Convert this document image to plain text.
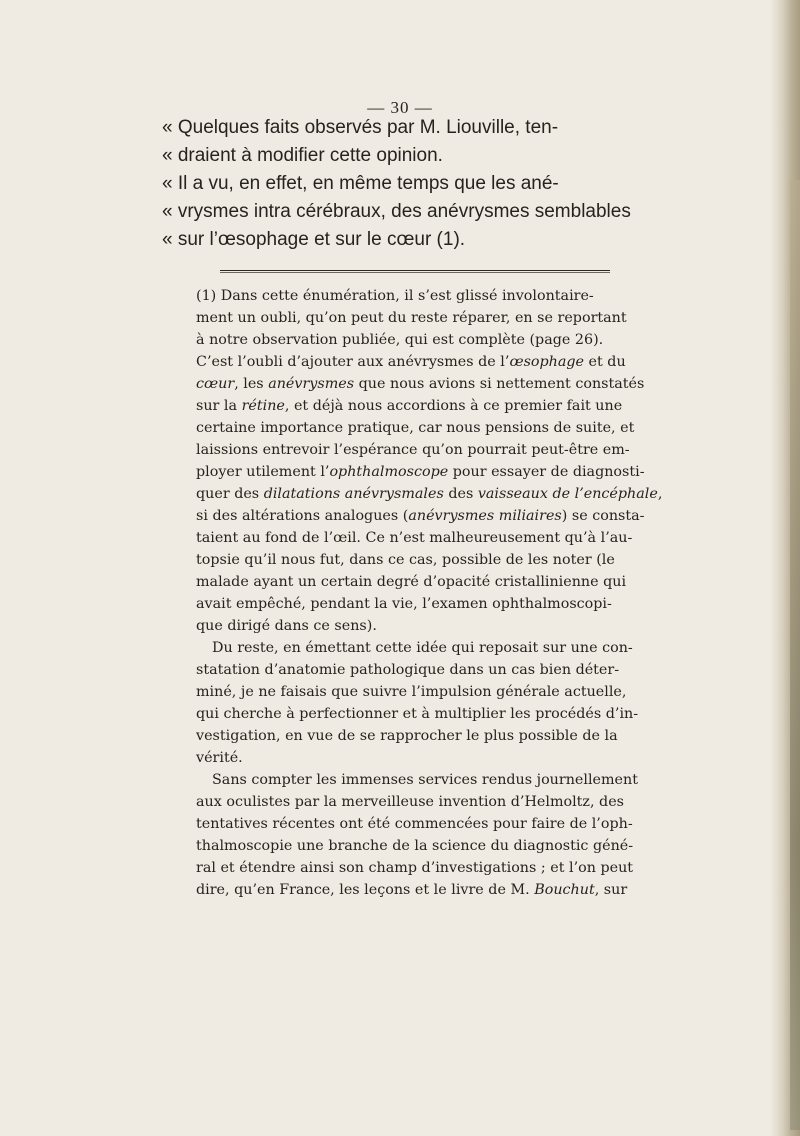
— 30 —
« Quelques faits observés par M. Liouville, ten-
« draient à modifier cette opinion.
« Il a vu, en effet, en même temps que les ané-
« vrysmes intra cérébraux, des anévrysmes semblables
« sur l’œsophage et sur le cœur (1).
(1) Dans cette énumération, il s’est glissé involontaire-
ment un oubli, qu’on peut du reste réparer, en se reportant
à notre observation publiée, qui est complète (page 26).
C’est l’oubli d’ajouter aux anévrysmes de l’œsophage et du
cœur, les anévrysmes que nous avions si nettement constatés
sur la rétine, et déjà nous accordions à ce premier fait une
certaine importance pratique, car nous pensions de suite, et
laissions entrevoir l’espérance qu’on pourrait peut-être em-
ployer utilement l’ophthalmoscope pour essayer de diagnosti-
quer des dilatations anévrysmales des vaisseaux de l’encéphale,
si des altérations analogues (anévrysmes miliaires) se consta-
taient au fond de l’œil. Ce n’est malheureusement qu’à l’au-
topsie qu’il nous fut, dans ce cas, possible de les noter (le
malade ayant un certain degré d’opacité cristallinienne qui
avait empêché, pendant la vie, l’examen ophthalmoscopi-
que dirigé dans ce sens).
Du reste, en émettant cette idée qui reposait sur une con-
statation d’anatomie pathologique dans un cas bien déter-
miné, je ne faisais que suivre l’impulsion générale actuelle,
qui cherche à perfectionner et à multiplier les procédés d’in-
vestigation, en vue de se rapprocher le plus possible de la
vérité.
Sans compter les immenses services rendus journellement
aux oculistes par la merveilleuse invention d’Helmoltz, des
tentatives récentes ont été commencées pour faire de l’oph-
thalmoscopie une branche de la science du diagnostic géné-
ral et étendre ainsi son champ d’investigations ; et l’on peut
dire, qu’en France, les leçons et le livre de M. Bouchut, sur
